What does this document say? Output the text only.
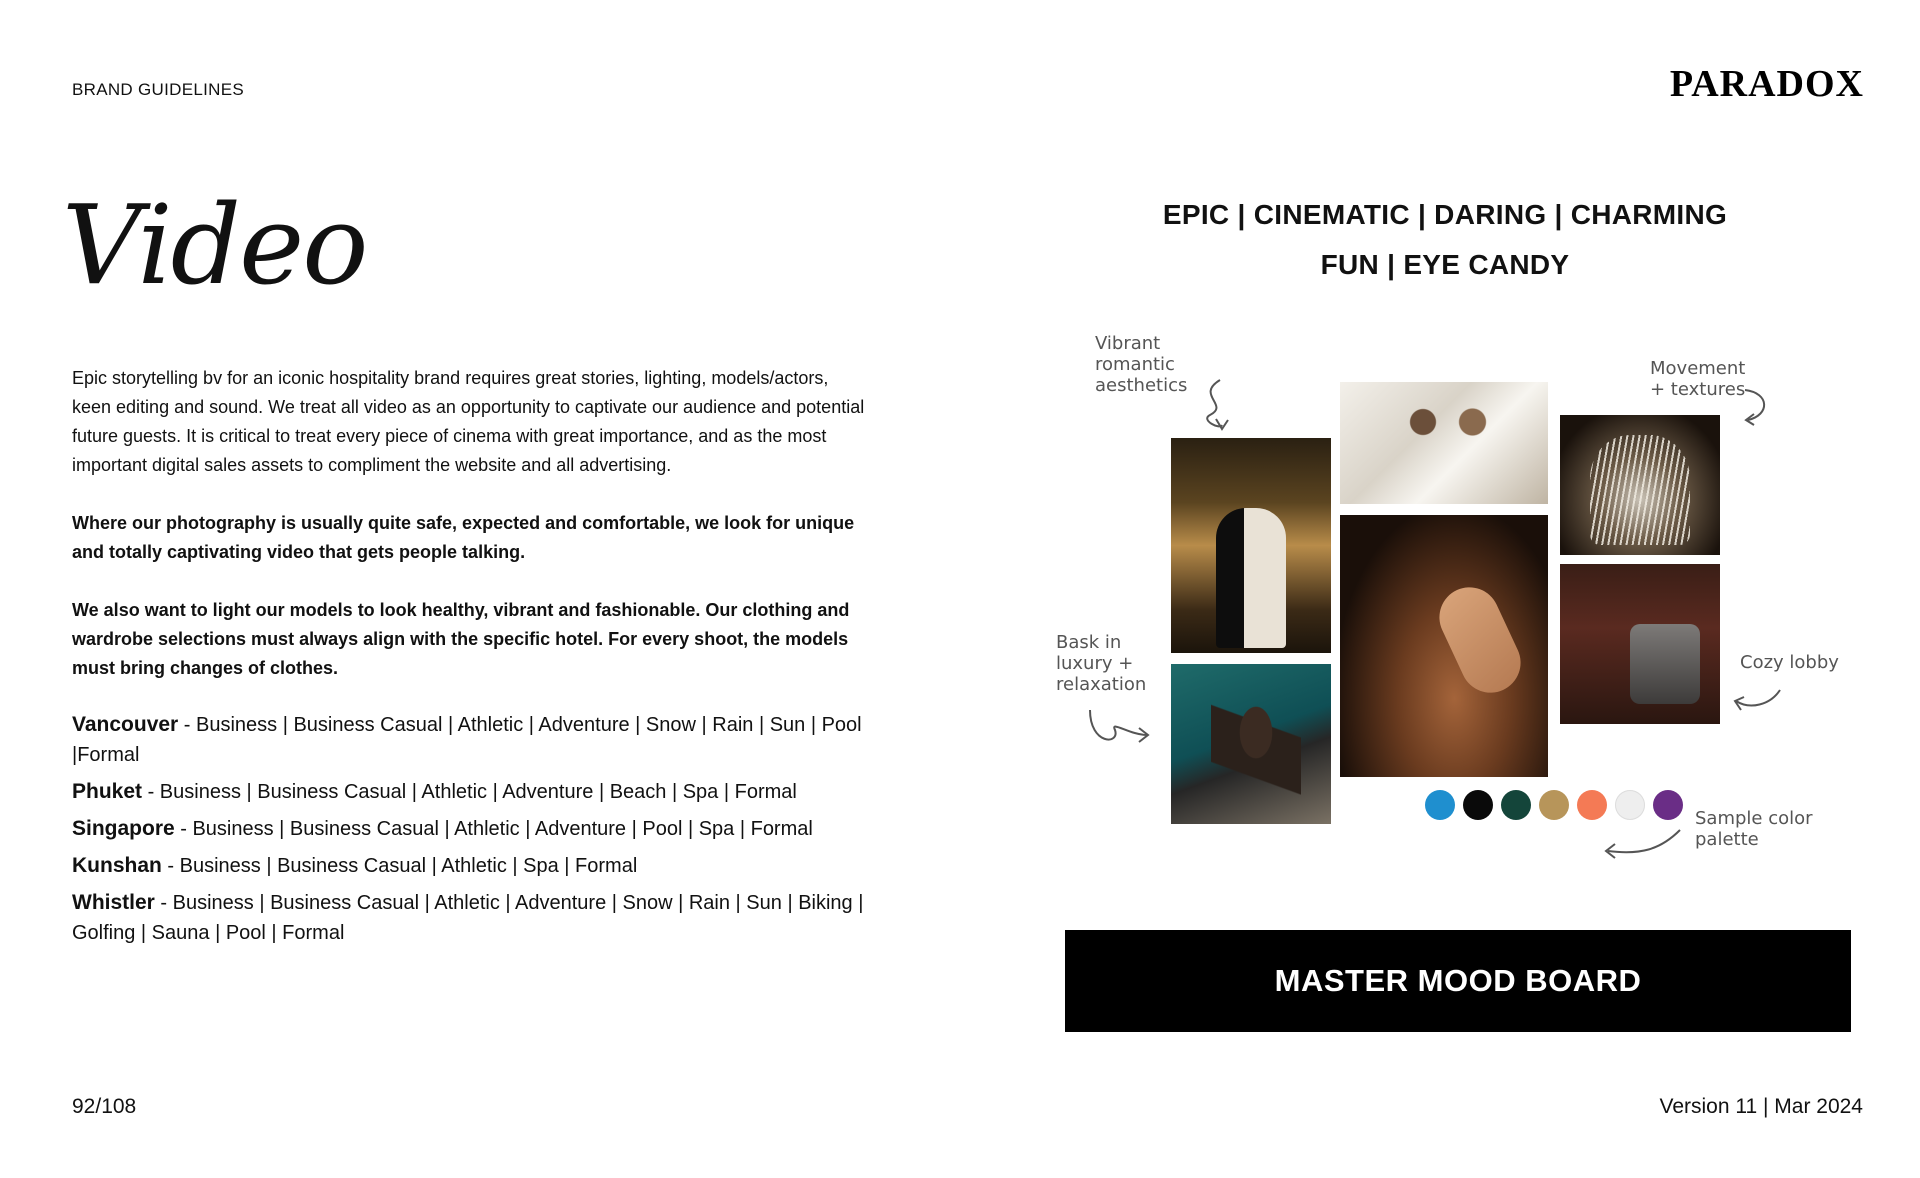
BRAND GUIDELINES	PARADOX
Video

Epic storytelling bv for an iconic hospitality brand requires great stories, lighting, models/actors, keen editing and sound. We treat all video as an opportunity to captivate our audience and potential future guests. It is critical to treat every piece of cinema with great importance, and as the most important digital sales assets to compliment the website and all advertising.

Where our photography is usually quite safe, expected and comfortable, we look for unique and totally captivating video that gets people talking.

We also want to light our models to look healthy, vibrant and fashionable. Our clothing and wardrobe selections must always align with the specific hotel. For every shoot, the models must bring changes of clothes.

Vancouver - Business | Business Casual | Athletic | Adventure | Snow | Rain | Sun | Pool |Formal
Phuket - Business | Business Casual | Athletic | Adventure | Beach | Spa | Formal
Singapore - Business | Business Casual | Athletic | Adventure | Pool | Spa | Formal
Kunshan - Business | Business Casual | Athletic | Spa | Formal
Whistler - Business | Business Casual | Athletic | Adventure | Snow | Rain | Sun | Biking | Golfing | Sauna | Pool | Formal
EPIC | CINEMATIC | DARING | CHARMING
FUN | EYE CANDY
Vibrant romantic aesthetics
Movement + textures
Bask in luxury + relaxation
Cozy lobby
Sample color palette
MASTER MOOD BOARD
92/108	Version 11 | Mar 2024
